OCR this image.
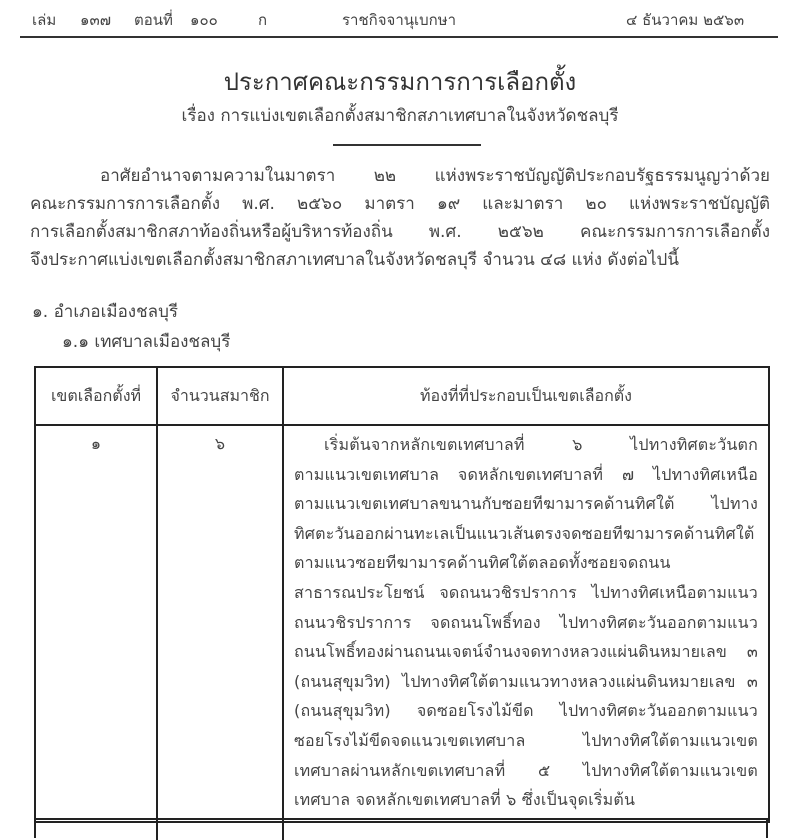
เล่ม ๑๓๗ ตอนที่ ๑๐๐	ก	ราชกิจจานุเบกษา	๔ ธันวาคม ๒๕๖๓
ประกาศคณะกรรมการการเลือกตั้ง
เรื่อง การแบ่งเขตเลือกตั้งสมาชิกสภาเทศบาลในจังหวัดชลบุรี
อาศัยอำนาจตามความในมาตรา ๒๒ แห่งพระราชบัญญัติประกอบรัฐธรรมนูญว่าด้วย
คณะกรรมการการเลือกตั้ง พ.ศ. ๒๕๖๐ มาตรา ๑๙ และมาตรา ๒๐ แห่งพระราชบัญญัติ
การเลือกตั้งสมาชิกสภาท้องถิ่นหรือผู้บริหารท้องถิ่น พ.ศ. ๒๕๖๒ คณะกรรมการการเลือกตั้ง
จึงประกาศแบ่งเขตเลือกตั้งสมาชิกสภาเทศบาลในจังหวัดชลบุรี จำนวน ๔๘ แห่ง ดังต่อไปนี้
๑. อำเภอเมืองชลบุรี
๑.๑ เทศบาลเมืองชลบุรี
เขตเลือกตั้งที่	จำนวนสมาชิก	ท้องที่ที่ประกอบเป็นเขตเลือกตั้ง
๑	๖	เริ่มต้นจากหลักเขตเทศบาลที่ ๖ ไปทางทิศตะวันตก
ตามแนวเขตเทศบาล จดหลักเขตเทศบาลที่ ๗ ไปทางทิศเหนือ
ตามแนวเขตเทศบาลขนานกับซอยทีฆามารคด้านทิศใต้ ไปทาง
ทิศตะวันออกผ่านทะเลเป็นแนวเส้นตรงจดซอยทีฆามารคด้านทิศใต้
ตามแนวซอยทีฆามารคด้านทิศใต้ตลอดทั้งซอยจดถนน
สาธารณประโยชน์ จดถนนวชิรปราการ ไปทางทิศเหนือตามแนว
ถนนวชิรปราการ จดถนนโพธิ์ทอง ไปทางทิศตะวันออกตามแนว
ถนนโพธิ์ทองผ่านถนนเจตน์จำนงจดทางหลวงแผ่นดินหมายเลข ๓
(ถนนสุขุมวิท) ไปทางทิศใต้ตามแนวทางหลวงแผ่นดินหมายเลข ๓
(ถนนสุขุมวิท) จดซอยโรงไม้ขีด ไปทางทิศตะวันออกตามแนว
ซอยโรงไม้ขีดจดแนวเขตเทศบาล ไปทางทิศใต้ตามแนวเขต
เทศบาลผ่านหลักเขตเทศบาลที่ ๕ ไปทางทิศใต้ตามแนวเขต
เทศบาล จดหลักเขตเทศบาลที่ ๖ ซึ่งเป็นจุดเริ่มต้น
